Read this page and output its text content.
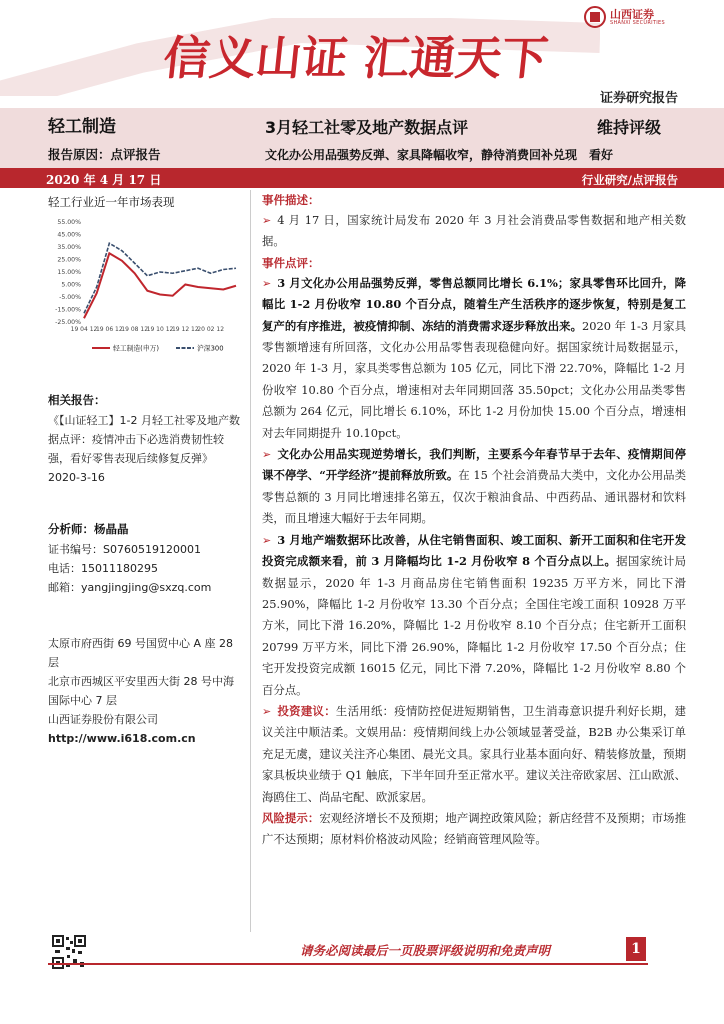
信义山证 汇通天下
山西证券
SHANXI SECURITIES
证券研究报告
轻工制造	3月轻工社零及地产数据点评	维持评级
报告原因：点评报告	文化办公用品强势反弹、家具降幅收窄，静待消费回补兑现　看好
2020 年 4 月 17 日	行业研究/点评报告
轻工行业近一年市场表现
55.00%
45.00%
35.00%
25.00%
15.00%
5.00%
-5.00%
-15.00%
-25.00%
19 04 12
19 06 12
19 08 12
19 10 12
19 12 12
20 02 12
轻工制造(申万)	沪深300
相关报告：
《【山证轻工】1-2 月轻工社零及地产数据点评：疫情冲击下必选消费韧性较强，看好零售表现后续修复反弹》2020-3-16
分析师：杨晶晶
证书编号：S0760519120001
电话：15011180295
邮箱：yangjingjing@sxzq.com
太原市府西街 69 号国贸中心 A 座 28 层
北京市西城区平安里西大街 28 号中海国际中心 7 层
山西证券股份有限公司
http://www.i618.com.cn
事件描述：

➢ 4 月 17 日，国家统计局发布 2020 年 3 月社会消费品零售数据和地产相关数据。

事件点评：

➢ 3 月文化办公用品强势反弹，零售总额同比增长 6.1%；家具零售环比回升，降幅比 1-2 月份收窄 10.80 个百分点，随着生产生活秩序的逐步恢复，特别是复工复产的有序推进，被疫情抑制、冻结的消费需求逐步释放出来。2020 年 1-3 月家具零售额增速有所回落，文化办公用品零售表现稳健向好。据国家统计局数据显示，2020 年 1-3 月，家具类零售总额为 105 亿元，同比下滑 22.70%，降幅比 1-2 月份收窄 10.80 个百分点，增速相对去年同期回落 35.50pct；文化办公用品类零售总额为 264 亿元，同比增长 6.10%，环比 1-2 月份加快 15.00 个百分点，增速相对去年同期提升 10.10pct。

➢ 文化办公用品实现逆势增长，我们判断，主要系今年春节早于去年、疫情期间停课不停学、“开学经济”提前释放所致。在 15 个社会消费品大类中，文化办公用品类零售总额的 3 月同比增速排名第五，仅次于粮油食品、中西药品、通讯器材和饮料类，而且增速大幅好于去年同期。

➢ 3 月地产端数据环比改善，从住宅销售面积、竣工面积、新开工面积和住宅开发投资完成额来看，前 3 月降幅均比 1-2 月份收窄 8 个百分点以上。据国家统计局数据显示，2020 年 1-3 月商品房住宅销售面积 19235 万平方米，同比下滑 25.90%，降幅比 1-2 月份收窄 13.30 个百分点；全国住宅竣工面积 10928 万平方米，同比下滑 16.20%，降幅比 1-2 月份收窄 8.10 个百分点；住宅新开工面积 20799 万平方米，同比下滑 26.90%，降幅比 1-2 月份收窄 17.50 个百分点；住宅开发投资完成额 16015 亿元，同比下滑 7.20%，降幅比 1-2 月份收窄 8.80 个百分点。

➢ 投资建议：生活用纸：疫情防控促进短期销售，卫生消毒意识提升利好长期，建议关注中顺洁柔。文娱用品：疫情期间线上办公领域显著受益，B2B 办公集采订单充足无虞，建议关注齐心集团、晨光文具。家具行业基本面向好、精装修放量，预期家具板块业绩于 Q1 触底，下半年回升至正常水平。建议关注帝欧家居、江山欧派、海鸥住工、尚品宅配、欧派家居。

风险提示：宏观经济增长不及预期；地产调控政策风险；新店经营不及预期；市场推广不达预期；原材料价格波动风险；经销商管理风险等。

请务必阅读最后一页股票评级说明和免责声明	1
